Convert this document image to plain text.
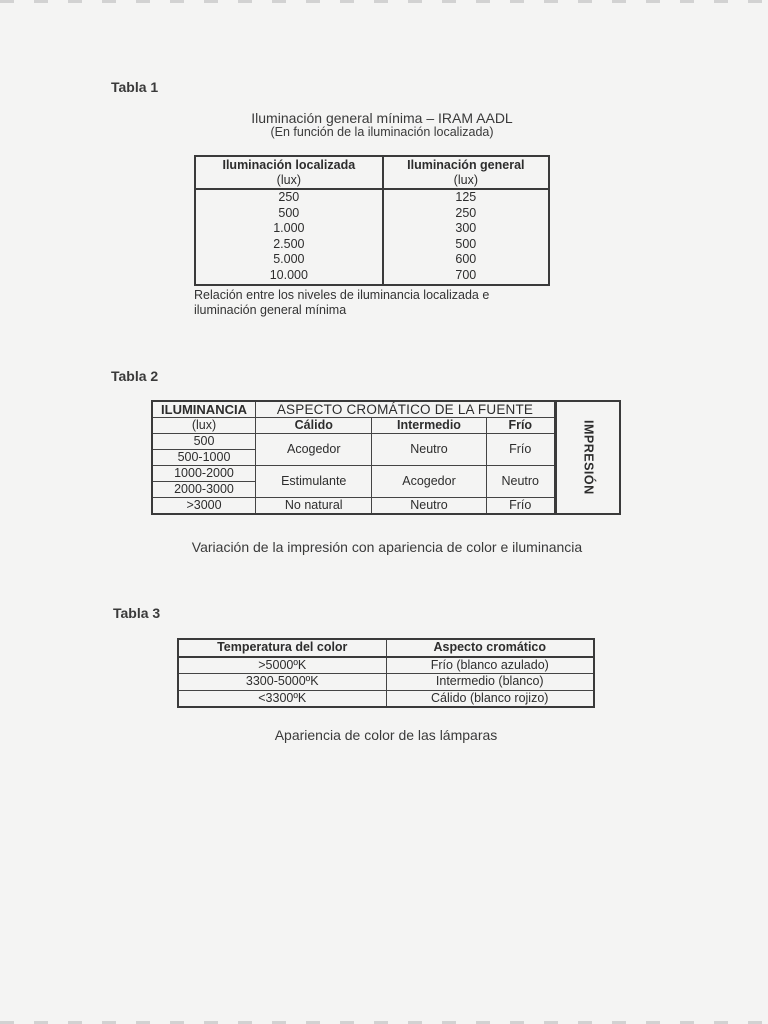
Tabla 1
Iluminación general mínima – IRAM AADL
(En función de la iluminación localizada)
Iluminación localizada	Iluminación general
(lux)	(lux)
250	125
500	250
1.000	300
2.500	500
5.000	600
10.000	700
Relación entre los niveles de iluminancia localizada e
iluminación general mínima
Tabla 2
ILUMINANCIA	ASPECTO CROMÁTICO DE LA FUENTE			IMPRESIÓN

(lux)	Cálido	Intermedio	Frío	
500	Acogedor	Neutro	Frío	
500-1000				
1000-2000	Estimulante	Acogedor	Neutro	
2000-3000				
>3000	No natural	Neutro	Frío	
Variación de la impresión con apariencia de color e iluminancia
Tabla 3
Temperatura del color	Aspecto cromático
>5000ºK	Frío (blanco azulado)
3300-5000ºK	Intermedio (blanco)
<3300ºK	Cálido (blanco rojizo)
Apariencia de color de las lámparas
